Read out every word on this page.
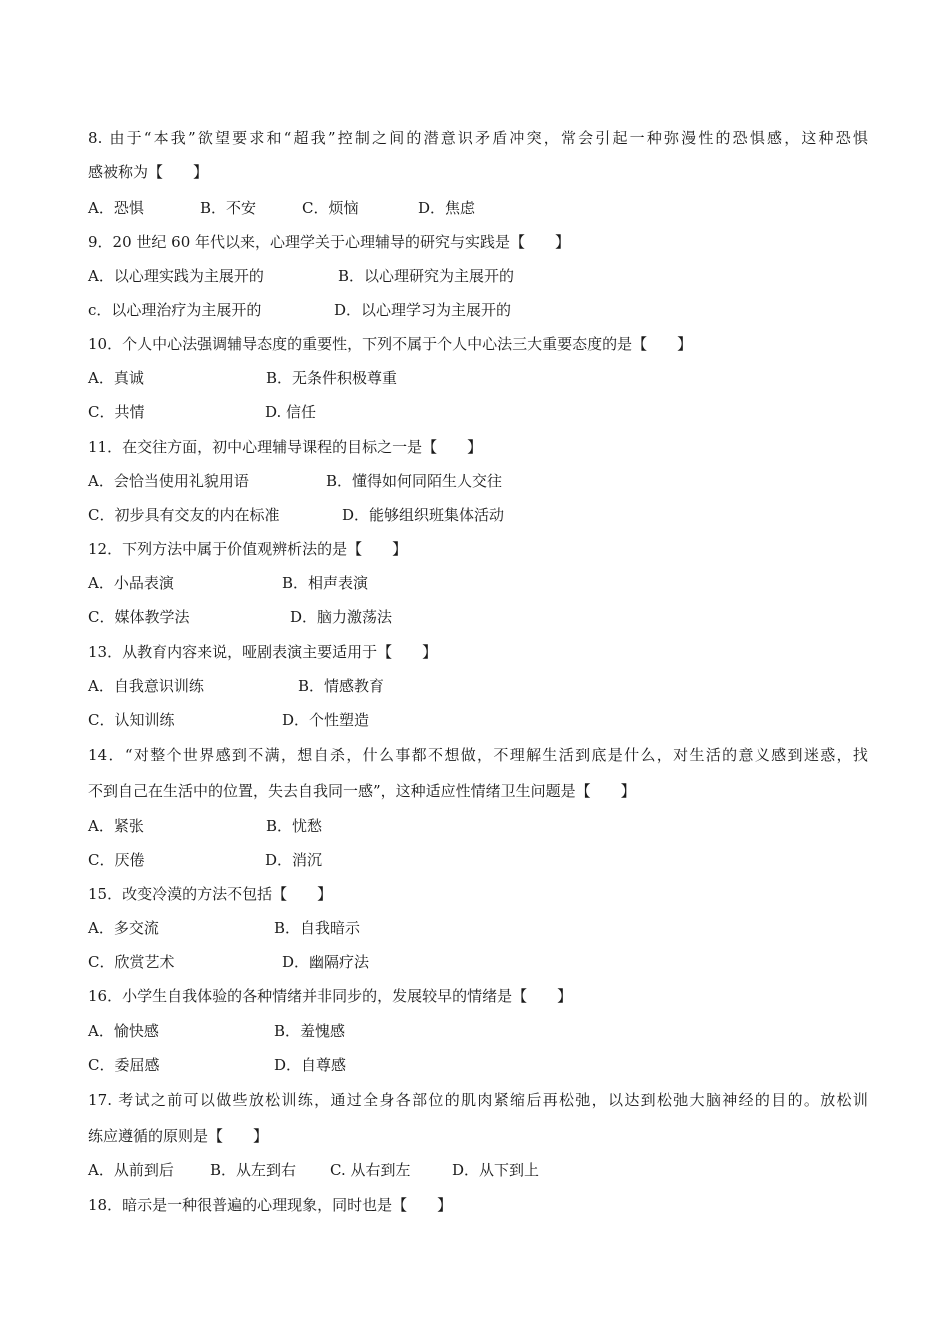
8. 由于“本我”欲望要求和“超我”控制之间的潜意识矛盾冲突，常会引起一种弥漫性的恐惧感，这种恐惧
感被称为【　　】
A．恐惧	B．不安	C．烦恼	D．焦虑
9．20 世纪 60 年代以来，心理学关于心理辅导的研究与实践是【　　】
A．以心理实践为主展开的	B．以心理研究为主展开的
c．以心理治疗为主展开的	D．以心理学习为主展开的
10．个人中心法强调辅导态度的重要性，下列不属于个人中心法三大重要态度的是【　　】
A．真诚	B．无条件积极尊重
C．共情	D. 信任
11．在交往方面，初中心理辅导课程的目标之一是【　　】
A．会恰当使用礼貌用语	B．懂得如何同陌生人交往
C．初步具有交友的内在标准	D．能够组织班集体活动
12．下列方法中属于价值观辨析法的是【　　】
A．小品表演	B．相声表演
C．媒体教学法	D．脑力激荡法
13．从教育内容来说，哑剧表演主要适用于【　　】
A．自我意识训练	B．情感教育
C．认知训练	D．个性塑造
14．“对整个世界感到不满，想自杀，什么事都不想做，不理解生活到底是什么，对生活的意义感到迷惑，找
不到自己在生活中的位置，失去自我同一感”，这种适应性情绪卫生问题是【　　】
A．紧张	B．忧愁
C．厌倦	D．消沉
15．改变冷漠的方法不包括【　　】
A．多交流	B．自我暗示
C．欣赏艺术	D．幽隔疗法
16．小学生自我体验的各种情绪并非同步的，发展较早的情绪是【　　】
A．愉快感	B．羞愧感
C．委屈感	D．自尊感
17. 考试之前可以做些放松训练，通过全身各部位的肌肉紧缩后再松弛，以达到松弛大脑神经的目的。放松训
练应遵循的原则是【　　】
A．从前到后 B．从左到右 C. 从右到左	D．从下到上
18．暗示是一种很普遍的心理现象，同时也是【　　】
